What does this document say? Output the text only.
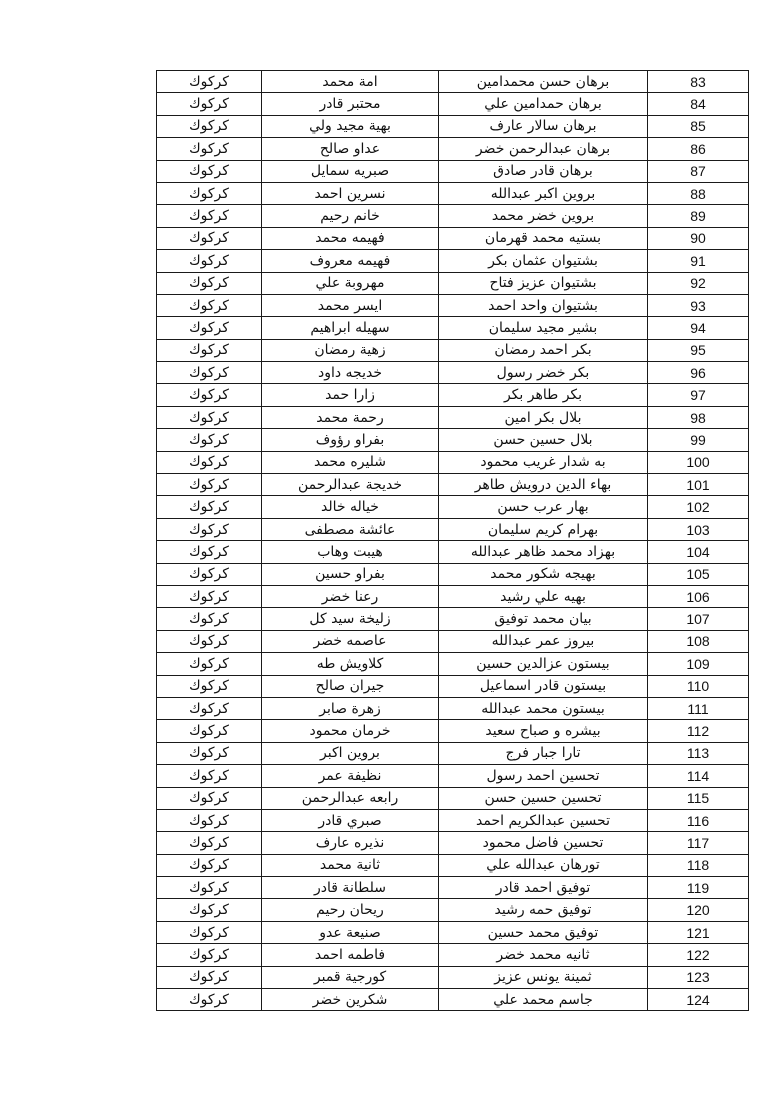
كركوك	امة محمد	برهان حسن محمدامين	83
كركوك	محتبر قادر	برهان حمدامين علي	84
كركوك	بهية مجيد ولي	برهان سالار عارف	85
كركوك	عداو صالح	برهان عبدالرحمن خضر	86
كركوك	صبريه سمايل	برهان قادر صادق	87
كركوك	نسرين احمد	بروين اكبر عبدالله	88
كركوك	خانم رحيم	بروين خضر محمد	89
كركوك	فهيمه محمد	بستيه محمد قهرمان	90
كركوك	فهيمه معروف	بشتيوان عثمان بكر	91
كركوك	مهروبة علي	بشتيوان عزيز فتاح	92
كركوك	ايسر محمد	بشتيوان واحد احمد	93
كركوك	سهيله ابراهيم	بشير مجيد سليمان	94
كركوك	زهية رمضان	بكر احمد رمضان	95
كركوك	خديجه داود	بكر خضر رسول	96
كركوك	زارا حمد	بكر طاهر بكر	97
كركوك	رحمة محمد	بلال بكر امين	98
كركوك	بفراو رؤوف	بلال حسين حسن	99
كركوك	شليره محمد	به شدار غريب محمود	100
كركوك	خديجة عبدالرحمن	بهاء الدين درويش طاهر	101
كركوك	خياله خالد	بهار عرب حسن	102
كركوك	عائشة مصطفى	بهرام كريم سليمان	103
كركوك	هيبت وهاب	بهزاد محمد ظاهر عبدالله	104
كركوك	بفراو حسين	بهيجه شكور محمد	105
كركوك	رعنا خضر	بهيه علي رشيد	106
كركوك	زليخة سيد كل	بيان محمد توفيق	107
كركوك	عاصمه خضر	بيروز عمر عبدالله	108
كركوك	كلاويش طه	بيستون عزالدين حسين	109
كركوك	جيران صالح	بيستون قادر اسماعيل	110
كركوك	زهرة صابر	بيستون محمد عبدالله	111
كركوك	خرمان محمود	بيشره و صباح سعيد	112
كركوك	بروين اكبر	تارا جبار فرج	113
كركوك	نظيفة عمر	تحسين احمد رسول	114
كركوك	رابعه عبدالرحمن	تحسين حسين حسن	115
كركوك	صبري قادر	تحسين عبدالكريم احمد	116
كركوك	نذيره عارف	تحسين فاضل محمود	117
كركوك	ثانية محمد	تورهان عبدالله علي	118
كركوك	سلطانة قادر	توفيق احمد قادر	119
كركوك	ريحان رحيم	توفيق حمه رشيد	120
كركوك	صنيعة عدو	توفيق محمد حسين	121
كركوك	فاطمه احمد	ثانيه محمد خضر	122
كركوك	كورجية قمبر	ثمينة يونس عزيز	123
كركوك	شكرين خضر	جاسم محمد علي	124
